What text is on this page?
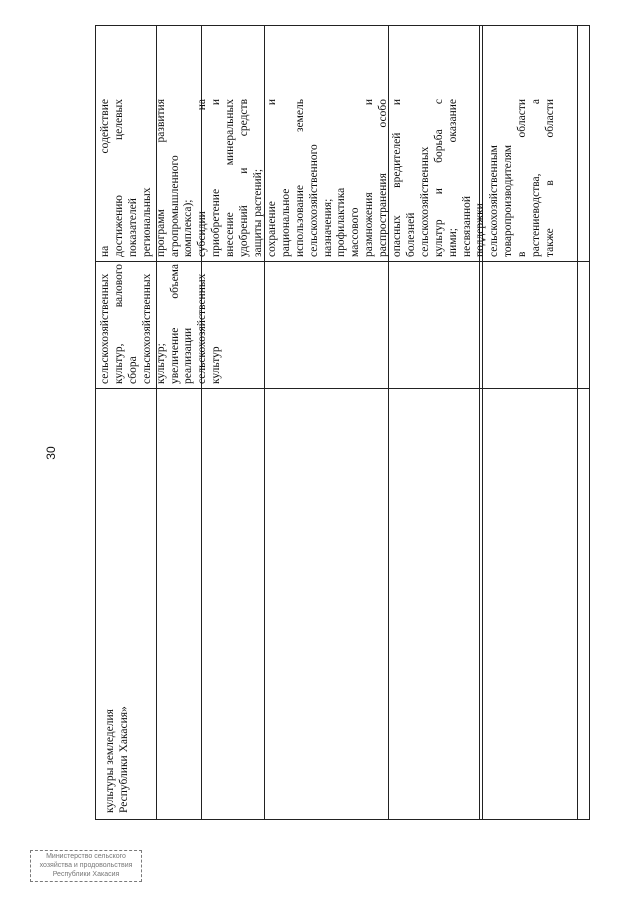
30

культуры земледелия Республики Хакасия»

сельскохозяйственных культур, валового сбора сельскохозяйственных культур; увеличение объема реализации сельскохозяйственных культур

на содействие достижению целевых показателей региональных программ развития агропромышленного комплекса); субсидии на приобретение и внесение минеральных удобрений и средств защиты растений; сохранение и рациональное использование земель сельскохозяйственного назначения; профилактика массового размножения и распространения особо опасных вредителей и болезней сельскохозяйственных культур и борьба с ними; оказание несвязанной поддержки сельскохозяйственным товаропроизводителям в области растениеводства, а также в области

Министерство сельского
хозяйства и продовольствия
Республики Хакасия
